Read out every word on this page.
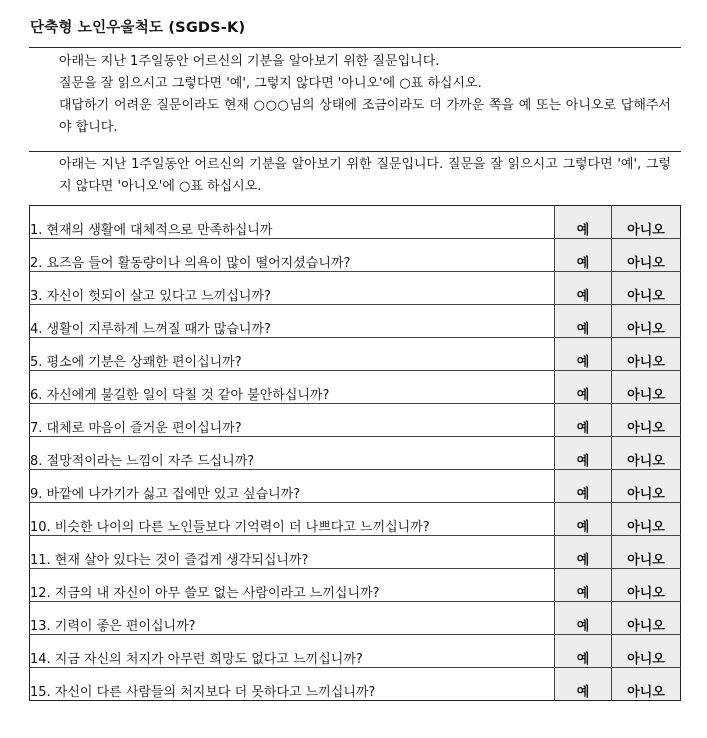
단축형 노인우울척도 (SGDS-K)

아래는 지난 1주일동안 어르신의 기분을 알아보기 위한 질문입니다.

질문을 잘 읽으시고 그렇다면 '예', 그렇지 않다면 '아니오'에 ○표 하십시오.

대답하기 어려운 질문이라도 현재 ○○○님의 상태에 조금이라도 더 가까운 쪽을 예 또는 아니오로 답해주서야 합니다.

아래는 지난 1주일동안 어르신의 기분을 알아보기 위한 질문입니다. 질문을 잘 읽으시고 그렇다면 '예', 그렇지 않다면 '아니오'에 ○표 하십시오.

1. 현재의 생활에 대체적으로 만족하십니까	예	아니오
2. 요즈음 들어 활동량이나 의욕이 많이 떨어지셨습니까?	예	아니오
3. 자신이 헛되이 살고 있다고 느끼십니까?	예	아니오
4. 생활이 지루하게 느껴질 때가 많습니까?	예	아니오
5. 평소에 기분은 상쾌한 편이십니까?	예	아니오
6. 자신에게 불길한 일이 닥칠 것 같아 불안하십니까?	예	아니오
7. 대체로 마음이 즐거운 편이십니까?	예	아니오
8. 절망적이라는 느낌이 자주 드십니까?	예	아니오
9. 바깥에 나가기가 싫고 집에만 있고 싶습니까?	예	아니오
10. 비슷한 나이의 다른 노인들보다 기억력이 더 나쁘다고 느끼십니까?	예	아니오
11. 현재 살아 있다는 것이 즐겁게 생각되십니까?	예	아니오
12. 지금의 내 자신이 아무 쓸모 없는 사람이라고 느끼십니까?	예	아니오
13. 기력이 좋은 편이십니까?	예	아니오
14. 지금 자신의 처지가 아무런 희망도 없다고 느끼십니까?	예	아니오
15. 자신이 다른 사람들의 처지보다 더 못하다고 느끼십니까?	예	아니오
